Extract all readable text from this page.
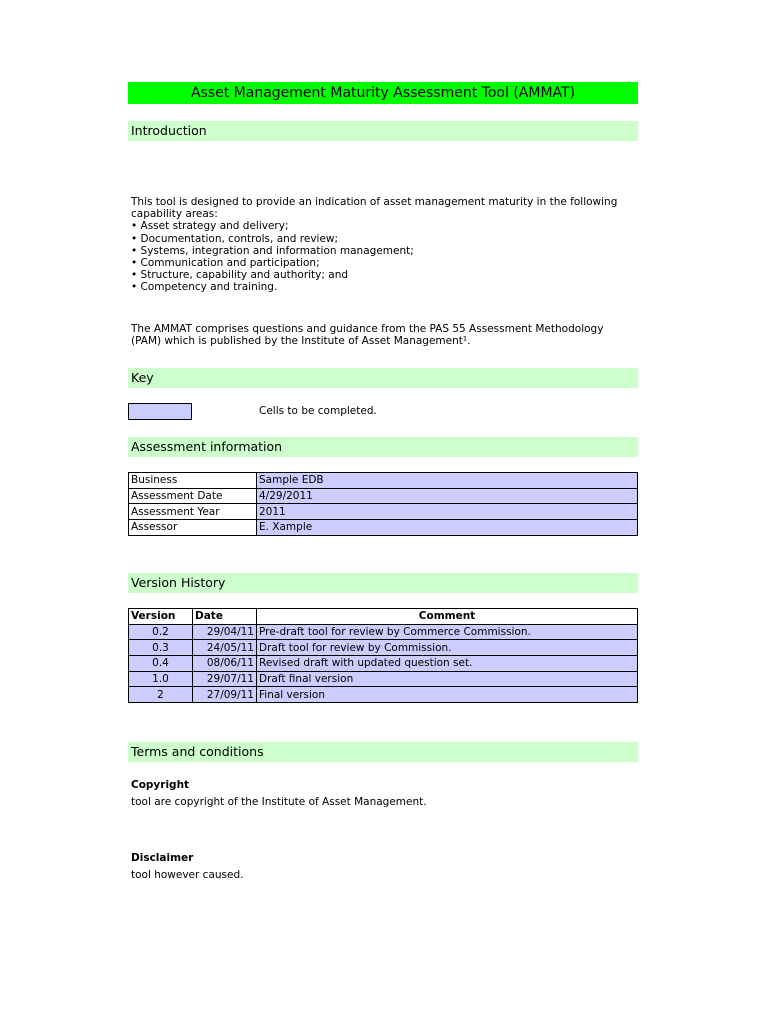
Asset Management Maturity Assessment Tool (AMMAT)
Introduction
This tool is designed to provide an indication of asset management maturity in the following
capability areas:
• Asset strategy and delivery;
• Documentation, controls, and review;
• Systems, integration and information management;
• Communication and participation;
• Structure, capability and authority; and
• Competency and training.
The AMMAT comprises questions and guidance from the PAS 55 Assessment Methodology
(PAM) which is published by the Institute of Asset Management¹.
Key
Cells to be completed.
Assessment information
Business	Sample EDB
Assessment Date	4/29/2011
Assessment Year	2011
Assessor	E. Xample
Version History
Version	Date	Comment
0.2	29/04/11	Pre-draft tool for review by Commerce Commission.
0.3	24/05/11	Draft tool for review by Commission.
0.4	08/06/11	Revised draft with updated question set.
1.0	29/07/11	Draft final version
2	27/09/11	Final version
Terms and conditions
Copyright
tool are copyright of the Institute of Asset Management.
Disclaimer
tool however caused.
